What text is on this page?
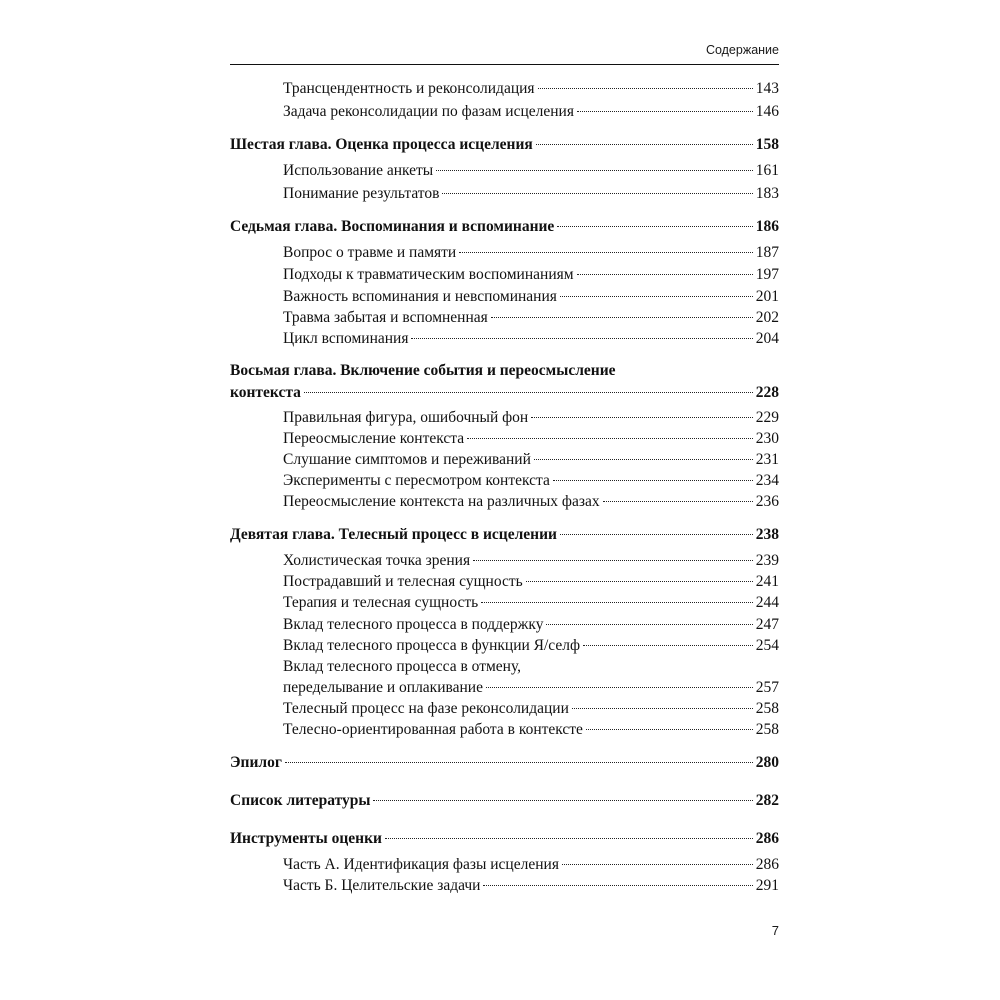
Содержание
Трансцендентность и реконсолидация	143
Задача реконсолидации по фазам исцеления	146
Шестая глава. Оценка процесса исцеления	158
Использование анкеты	161
Понимание результатов	183
Седьмая глава. Воспоминания и вспоминание	186
Вопрос о травме и памяти	187
Подходы к травматическим воспоминаниям	197
Важность вспоминания и невспоминания	201
Травма забытая и вспомненная	202
Цикл вспоминания	204
Восьмая глава. Включение события и переосмысление
контекста	228
Правильная фигура, ошибочный фон	229
Переосмысление контекста	230
Слушание симптомов и переживаний	231
Эксперименты с пересмотром контекста	234
Переосмысление контекста на различных фазах	236
Девятая глава. Телесный процесс в исцелении	238
Холистическая точка зрения	239
Пострадавший и телесная сущность	241
Терапия и телесная сущность	244
Вклад телесного процесса в поддержку	247
Вклад телесного процесса в функции Я/селф	254
Вклад телесного процесса в отмену,
переделывание и оплакивание	257
Телесный процесс на фазе реконсолидации	258
Телесно-ориентированная работа в контексте	258
Эпилог	280
Список литературы	282
Инструменты оценки	286
Часть А. Идентификация фазы исцеления	286
Часть Б. Целительские задачи	291
7
